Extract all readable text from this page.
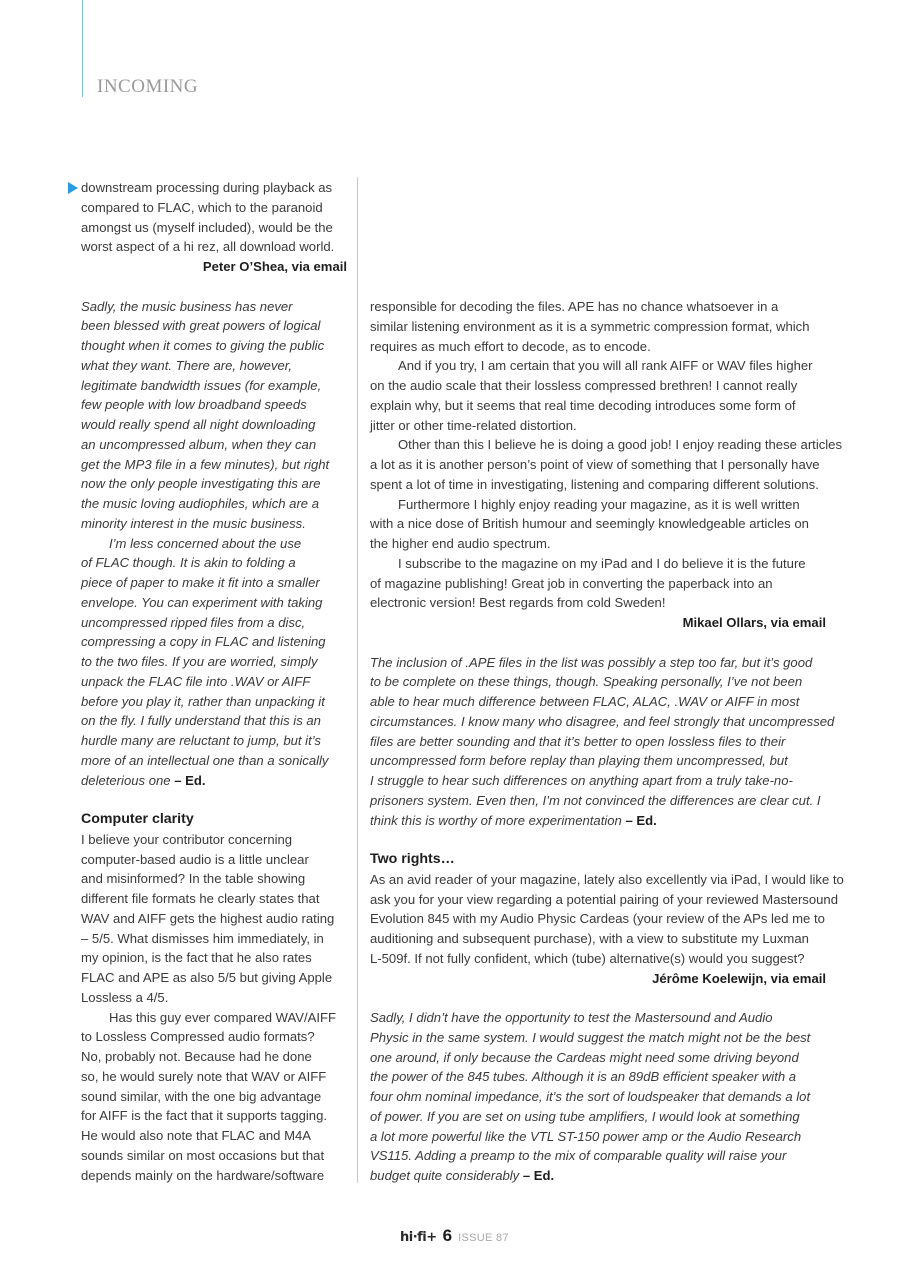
INCOMING

downstream processing during playback as
compared to FLAC, which to the paranoid
amongst us (myself included), would be the
worst aspect of a hi rez, all download world.

Peter O’Shea, via email

Sadly, the music business has never
been blessed with great powers of logical
thought when it comes to giving the public
what they want. There are, however,
legitimate bandwidth issues (for example,
few people with low broadband speeds
would really spend all night downloading
an uncompressed album, when they can
get the MP3 file in a few minutes), but right
now the only people investigating this are
the music loving audiophiles, which are a
minority interest in the music business.

I’m less concerned about the use
of FLAC though. It is akin to folding a
piece of paper to make it fit into a smaller
envelope. You can experiment with taking
uncompressed ripped files from a disc,
compressing a copy in FLAC and listening
to the two files. If you are worried, simply
unpack the FLAC file into .WAV or AIFF
before you play it, rather than unpacking it
on the fly. I fully understand that this is an
hurdle many are reluctant to jump, but it’s
more of an intellectual one than a sonically
deleterious one – Ed.

Computer clarity

I believe your contributor concerning
computer-based audio is a little unclear
and misinformed? In the table showing
different file formats he clearly states that
WAV and AIFF gets the highest audio rating
– 5/5. What dismisses him immediately, in
my opinion, is the fact that he also rates
FLAC and APE as also 5/5 but giving Apple
Lossless a 4/5.

Has this guy ever compared WAV/AIFF
to Lossless Compressed audio formats?
No, probably not. Because had he done
so, he would surely note that WAV or AIFF
sound similar, with the one big advantage
for AIFF is the fact that it supports tagging.
He would also note that FLAC and M4A
sounds similar on most occasions but that
depends mainly on the hardware/software

responsible for decoding the files. APE has no chance whatsoever in a
similar listening environment as it is a symmetric compression format, which
requires as much effort to decode, as to encode.

And if you try, I am certain that you will all rank AIFF or WAV files higher
on the audio scale that their lossless compressed brethren! I cannot really
explain why, but it seems that real time decoding introduces some form of
jitter or other time-related distortion.

Other than this I believe he is doing a good job! I enjoy reading these articles
a lot as it is another person’s point of view of something that I personally have
spent a lot of time in investigating, listening and comparing different solutions.

Furthermore I highly enjoy reading your magazine, as it is well written
with a nice dose of British humour and seemingly knowledgeable articles on
the higher end audio spectrum.

I subscribe to the magazine on my iPad and I do believe it is the future
of magazine publishing! Great job in converting the paperback into an
electronic version! Best regards from cold Sweden!

Mikael Ollars, via email

The inclusion of .APE files in the list was possibly a step too far, but it’s good
to be complete on these things, though. Speaking personally, I’ve not been
able to hear much difference between FLAC, ALAC, .WAV or AIFF in most
circumstances. I know many who disagree, and feel strongly that uncompressed
files are better sounding and that it’s better to open lossless files to their
uncompressed form before replay than playing them uncompressed, but
I struggle to hear such differences on anything apart from a truly take-no-
prisoners system. Even then, I’m not convinced the differences are clear cut. I
think this is worthy of more experimentation – Ed.

Two rights…

As an avid reader of your magazine, lately also excellently via iPad, I would like to
ask you for your view regarding a potential pairing of your reviewed Mastersound
Evolution 845 with my Audio Physic Cardeas (your review of the APs led me to
auditioning and subsequent purchase), with a view to substitute my Luxman
L-509f. If not fully confident, which (tube) alternative(s) would you suggest?

Jérôme Koelewijn, via email

Sadly, I didn’t have the opportunity to test the Mastersound and Audio
Physic in the same system. I would suggest the match might not be the best
one around, if only because the Cardeas might need some driving beyond
the power of the 845 tubes. Although it is an 89dB efficient speaker with a
four ohm nominal impedance, it’s the sort of loudspeaker that demands a lot
of power. If you are set on using tube amplifiers, I would look at something
a lot more powerful like the VTL ST-150 power amp or the Audio Research
VS115. Adding a preamp to the mix of comparable quality will raise your
budget quite considerably – Ed.

hi·fi+ 6 ISSUE 87
